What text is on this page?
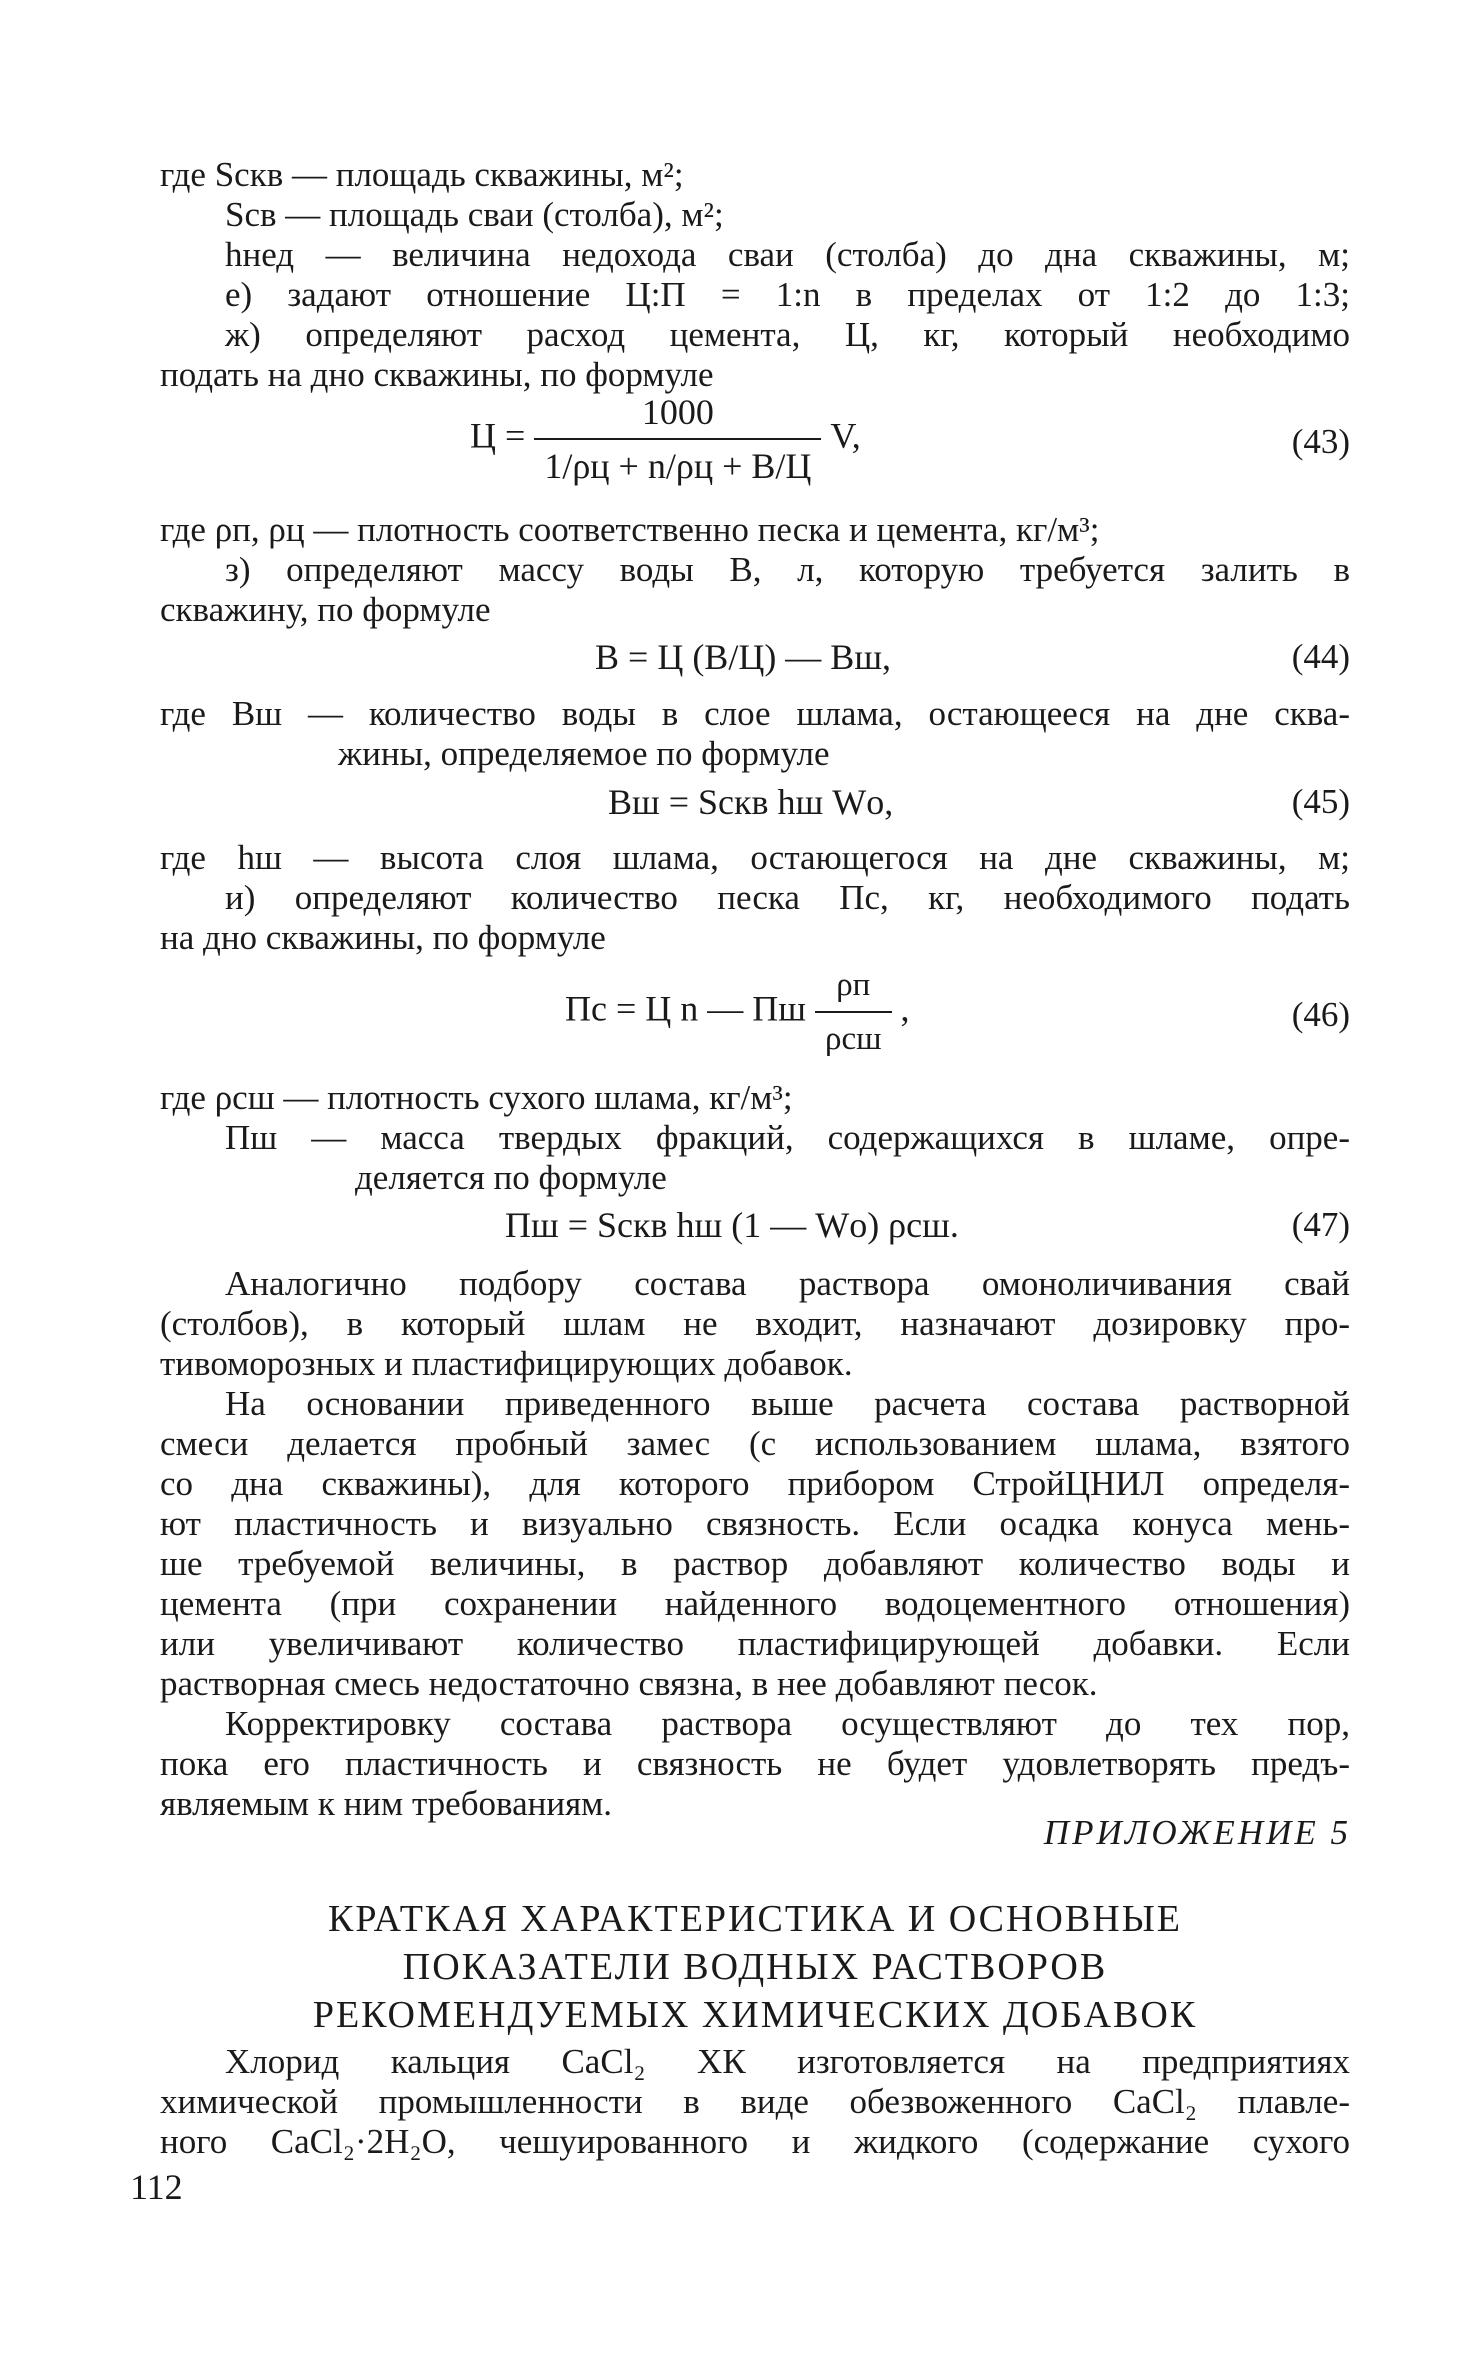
где Sскв — площадь скважины, м²;
Sсв — площадь сваи (столба), м²;
hнед — величина недохода сваи (столба) до дна скважины, м;
е) задают отношение Ц:П = 1:n в пределах от 1:2 до 1:3;
ж) определяют расход цемента, Ц, кг, который необходимо
подать на дно скважины, по формуле
$Ц = \frac{1000}{1/\rho ц + n/\rho ц + В/Ц} V$,	(43)
где ρп, ρц — плотность соответственно песка и цемента, кг/м³;
з) определяют массу воды В, л, которую требуется залить в
скважину, по формуле
В = Ц (В/Ц) — Вш,	(44)
где Вш — количество воды в слое шлама, остающееся на дне сква-
жины, определяемое по формуле
Вш = Sскв hш Wо,	(45)
где hш — высота слоя шлама, остающегося на дне скважины, м;
и) определяют количество песка Пс, кг, необходимого подать
на дно скважины, по формуле
Пс = Ц n — Пш $\frac{\rho п}{\text{ρсш}}$ ,	(46)
где ρсш — плотность сухого шлама, кг/м³;
Пш — масса твердых фракций, содержащихся в шламе, опре-
деляется по формуле
Пш = Sскв hш (1 — Wо) ρсш.	(47)
Аналогично подбору состава раствора омоноличивания свай
(столбов), в который шлам не входит, назначают дозировку про-
тивоморозных и пластифицирующих добавок.
На основании приведенного выше расчета состава растворной
смеси делается пробный замес (с использованием шлама, взятого
со дна скважины), для которого прибором СтройЦНИЛ определя-
ют пластичность и визуально связность. Если осадка конуса мень-
ше требуемой величины, в раствор добавляют количество воды и
цемента (при сохранении найденного водоцементного отношения)
или увеличивают количество пластифицирующей добавки. Если
растворная смесь недостаточно связна, в нее добавляют песок.
Корректировку состава раствора осуществляют до тех пор,
пока его пластичность и связность не будет удовлетворять предъ-
являемым к ним требованиям.
ПРИЛОЖЕНИЕ 5
КРАТКАЯ ХАРАКТЕРИСТИКА И ОСНОВНЫЕ
ПОКАЗАТЕЛИ ВОДНЫХ РАСТВОРОВ
РЕКОМЕНДУЕМЫХ ХИМИЧЕСКИХ ДОБАВОК
Хлорид кальция CaCl₂ ХК изготовляется на предприятиях
химической промышленности в виде обезвоженного CaCl₂ плавле-
ного CaCl₂·2H₂O, чешуированного и жидкого (содержание сухого
112
